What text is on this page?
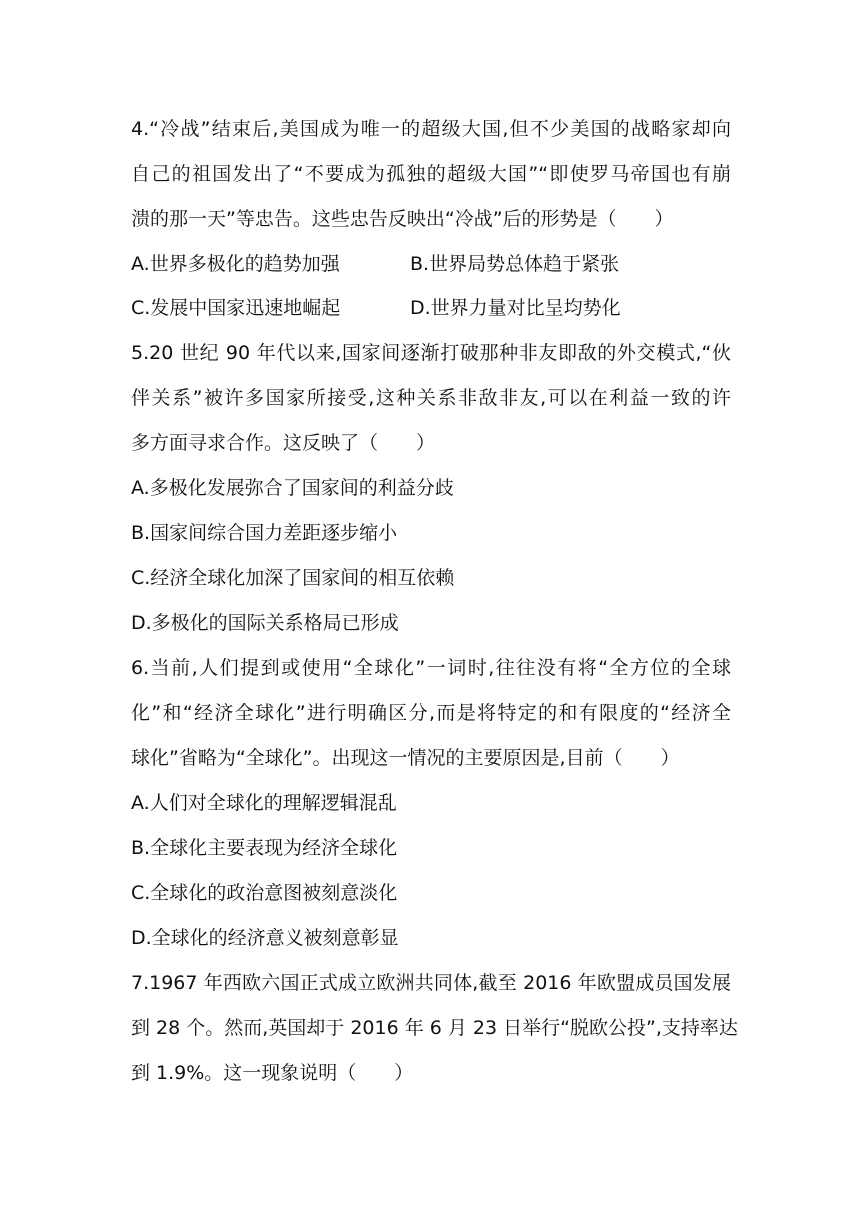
4.“冷战”结束后,美国成为唯一的超级大国,但不少美国的战略家却向
自己的祖国发出了“不要成为孤独的超级大国”“即使罗马帝国也有崩
溃的那一天”等忠告。这些忠告反映出“冷战”后的形势是（　　）
A.世界多极化的趋势加强	B.世界局势总体趋于紧张
C.发展中国家迅速地崛起	D.世界力量对比呈均势化
5.20 世纪 90 年代以来,国家间逐渐打破那种非友即敌的外交模式,“伙
伴关系”被许多国家所接受,这种关系非敌非友,可以在利益一致的许
多方面寻求合作。这反映了（　　）
A.多极化发展弥合了国家间的利益分歧
B.国家间综合国力差距逐步缩小
C.经济全球化加深了国家间的相互依赖
D.多极化的国际关系格局已形成
6.当前,人们提到或使用“全球化”一词时,往往没有将“全方位的全球
化”和“经济全球化”进行明确区分,而是将特定的和有限度的“经济全
球化”省略为“全球化”。出现这一情况的主要原因是,目前（　　）
A.人们对全球化的理解逻辑混乱
B.全球化主要表现为经济全球化
C.全球化的政治意图被刻意淡化
D.全球化的经济意义被刻意彰显
7.1967 年西欧六国正式成立欧洲共同体,截至 2016 年欧盟成员国发展
到 28 个。然而,英国却于 2016 年 6 月 23 日举行“脱欧公投”,支持率达
到 1.9%。这一现象说明（　　）
